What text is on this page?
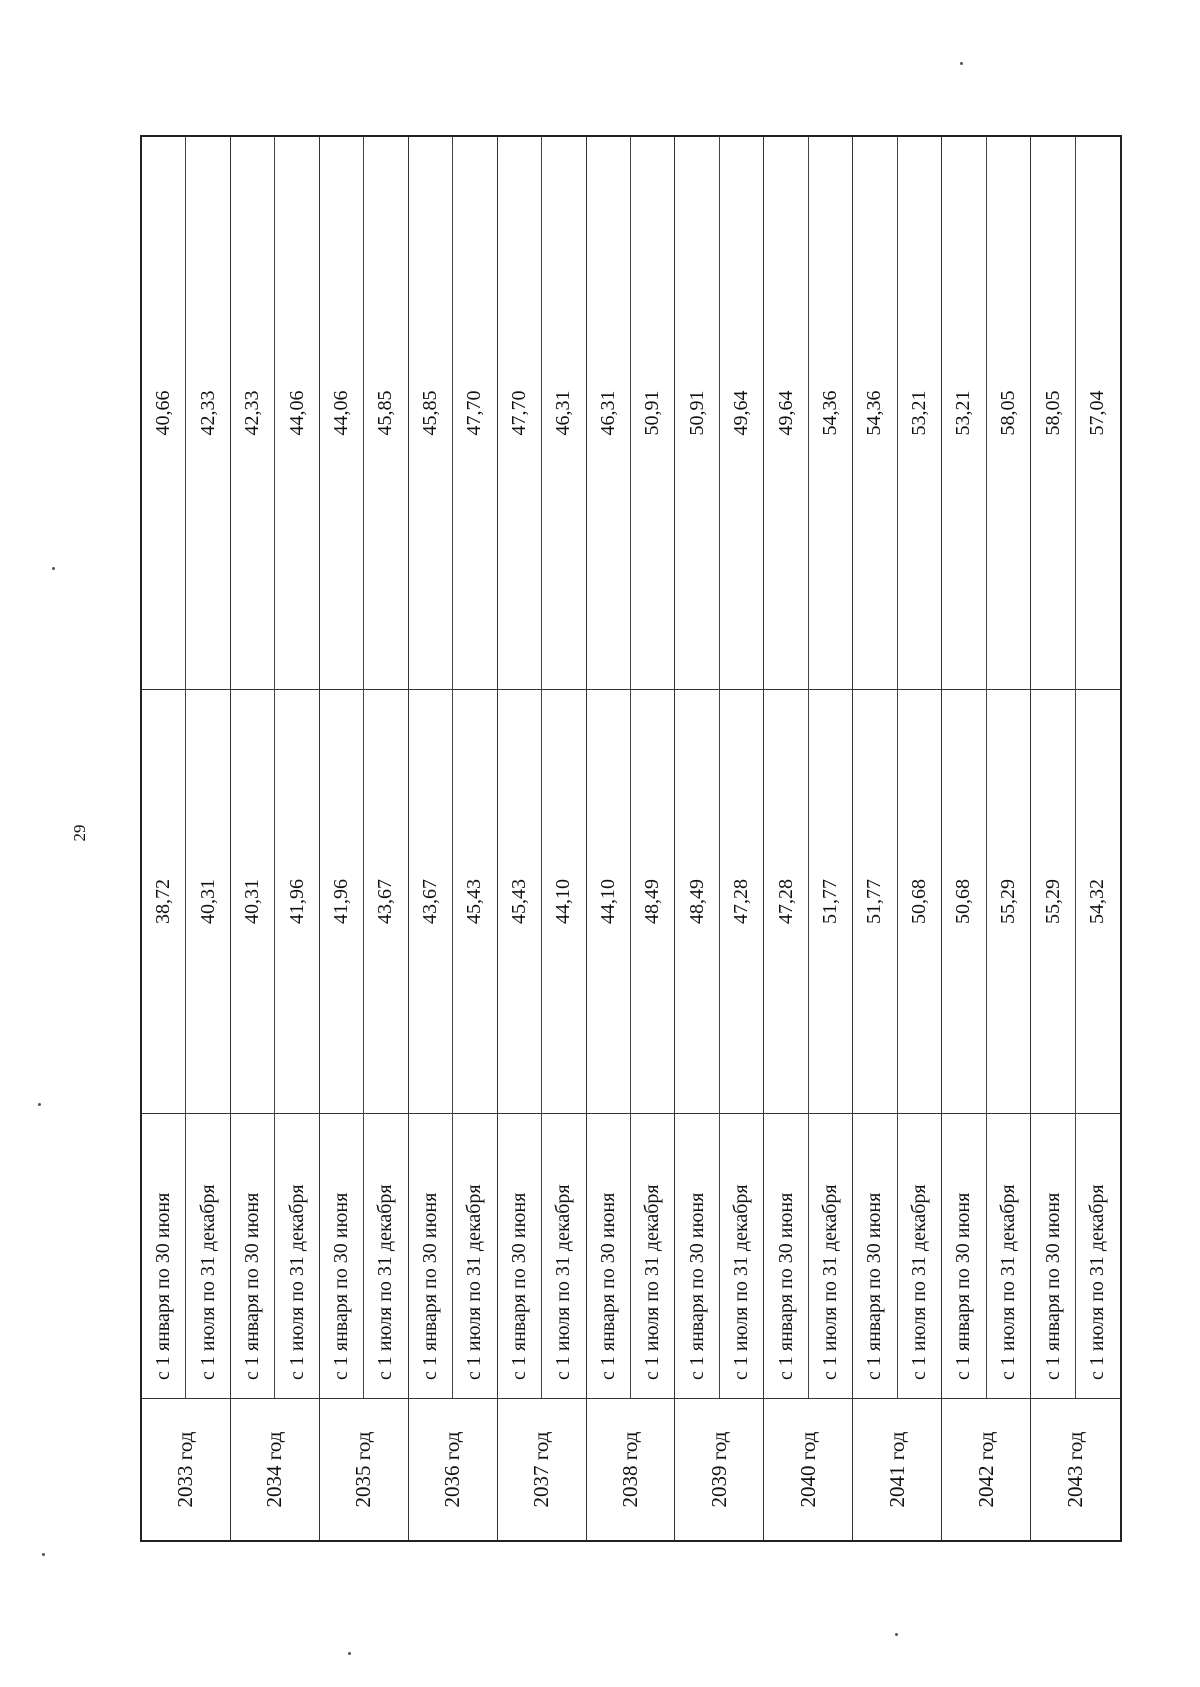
29
2033 год
с 1 января по 30 июня
38,72
40,66
с 1 июля по 31 декабря
40,31
42,33
2034 год
с 1 января по 30 июня
40,31
42,33
с 1 июля по 31 декабря
41,96
44,06
2035 год
с 1 января по 30 июня
41,96
44,06
с 1 июля по 31 декабря
43,67
45,85
2036 год
с 1 января по 30 июня
43,67
45,85
с 1 июля по 31 декабря
45,43
47,70
2037 год
с 1 января по 30 июня
45,43
47,70
с 1 июля по 31 декабря
44,10
46,31
2038 год
с 1 января по 30 июня
44,10
46,31
с 1 июля по 31 декабря
48,49
50,91
2039 год
с 1 января по 30 июня
48,49
50,91
с 1 июля по 31 декабря
47,28
49,64
2040 год
с 1 января по 30 июня
47,28
49,64
с 1 июля по 31 декабря
51,77
54,36
2041 год
с 1 января по 30 июня
51,77
54,36
с 1 июля по 31 декабря
50,68
53,21
2042 год
с 1 января по 30 июня
50,68
53,21
с 1 июля по 31 декабря
55,29
58,05
2043 год
с 1 января по 30 июня
55,29
58,05
с 1 июля по 31 декабря
54,32
57,04
